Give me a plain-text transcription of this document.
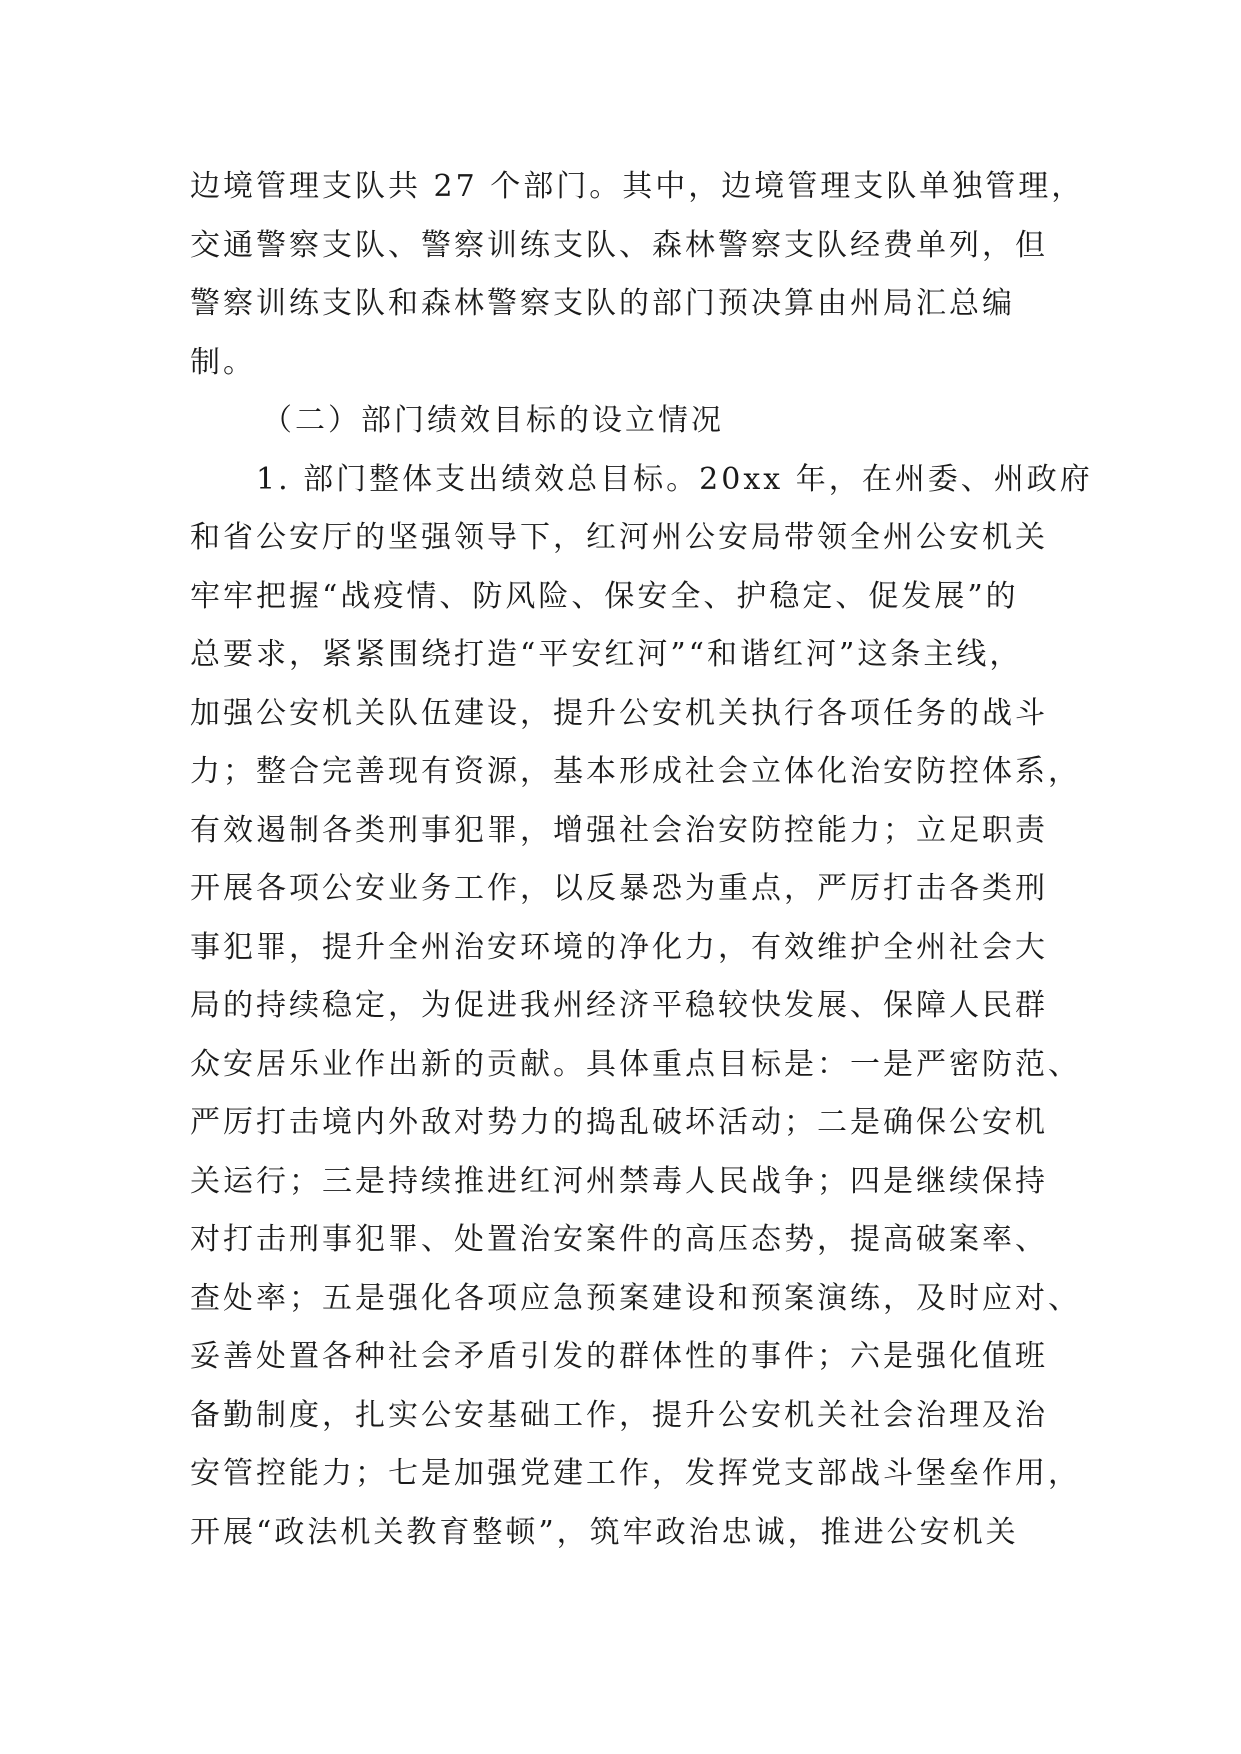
边境管理支队共 27 个部门。其中，边境管理支队单独管理，
交通警察支队、警察训练支队、森林警察支队经费单列，但
警察训练支队和森林警察支队的部门预决算由州局汇总编
制。
（二）部门绩效目标的设立情况
1. 部门整体支出绩效总目标。20xx 年，在州委、州政府
和省公安厅的坚强领导下，红河州公安局带领全州公安机关
牢牢把握“战疫情、防风险、保安全、护稳定、促发展”的
总要求，紧紧围绕打造“平安红河”“和谐红河”这条主线，
加强公安机关队伍建设，提升公安机关执行各项任务的战斗
力；整合完善现有资源，基本形成社会立体化治安防控体系，
有效遏制各类刑事犯罪，增强社会治安防控能力；立足职责
开展各项公安业务工作，以反暴恐为重点，严厉打击各类刑
事犯罪，提升全州治安环境的净化力，有效维护全州社会大
局的持续稳定，为促进我州经济平稳较快发展、保障人民群
众安居乐业作出新的贡献。具体重点目标是：一是严密防范、
严厉打击境内外敌对势力的捣乱破坏活动；二是确保公安机
关运行；三是持续推进红河州禁毒人民战争；四是继续保持
对打击刑事犯罪、处置治安案件的高压态势，提高破案率、
查处率；五是强化各项应急预案建设和预案演练，及时应对、
妥善处置各种社会矛盾引发的群体性的事件；六是强化值班
备勤制度，扎实公安基础工作，提升公安机关社会治理及治
安管控能力；七是加强党建工作，发挥党支部战斗堡垒作用，
开展“政法机关教育整顿”，筑牢政治忠诚，推进公安机关
